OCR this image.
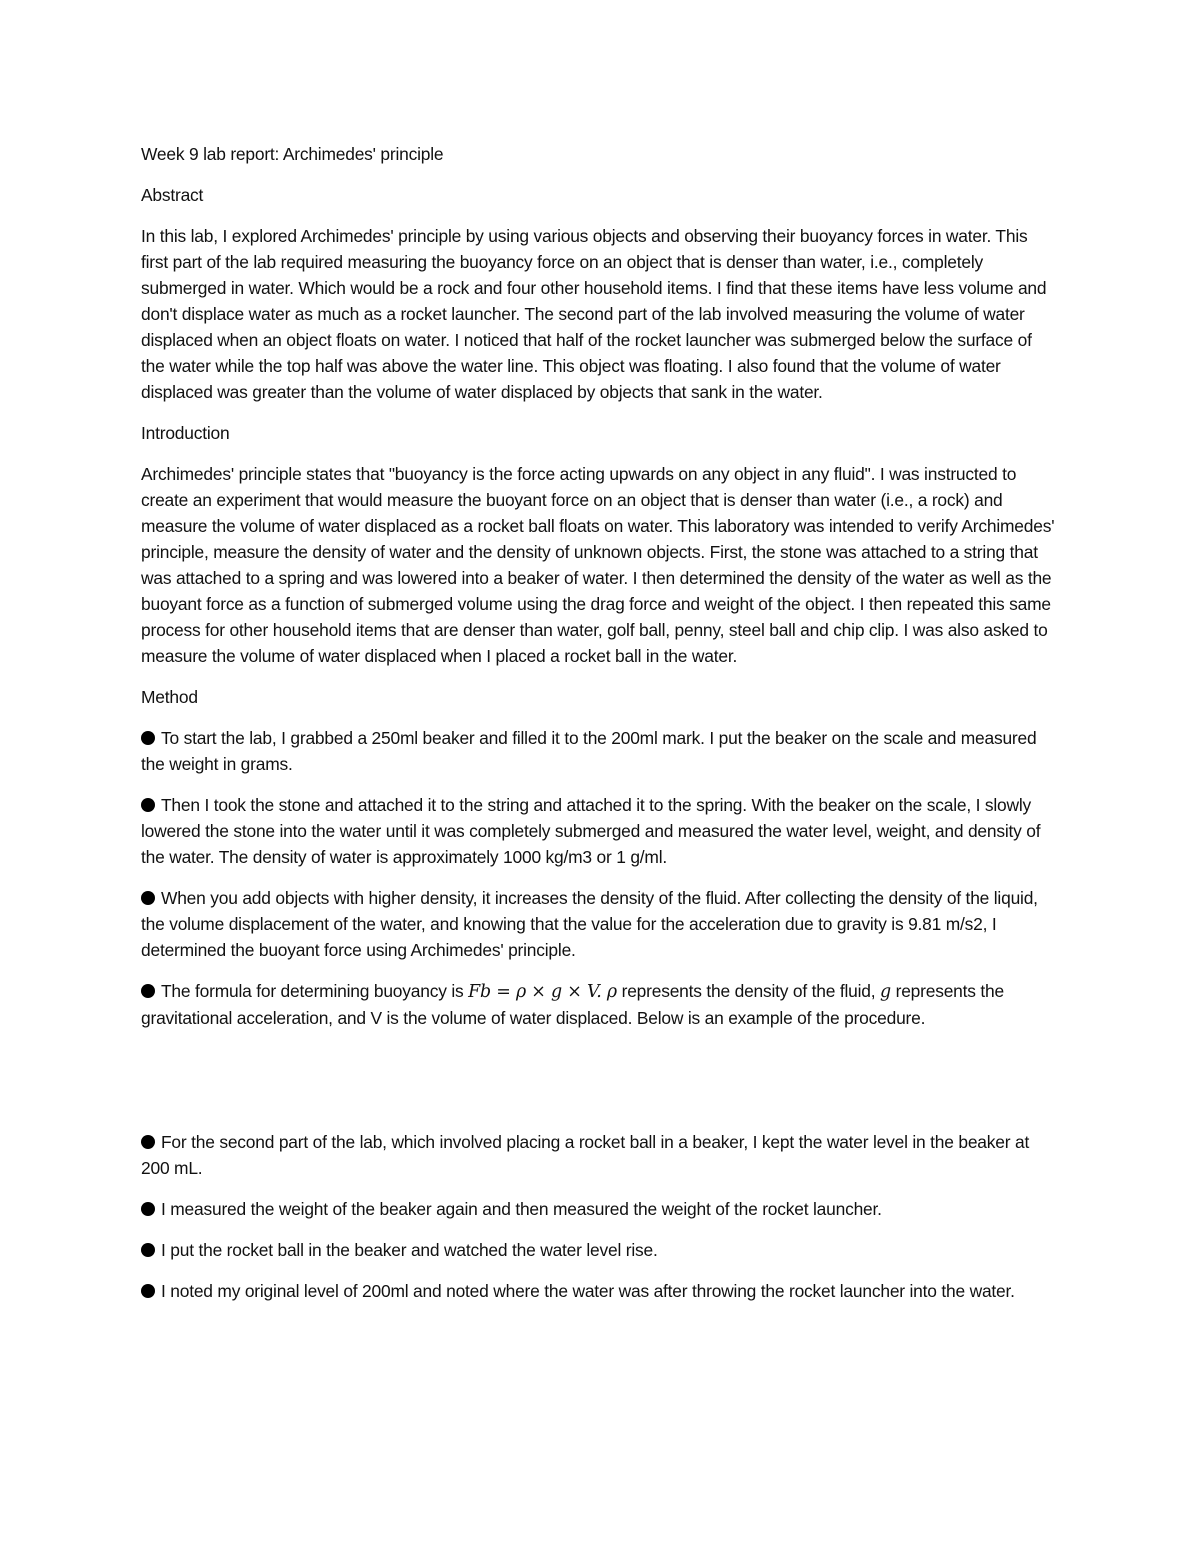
Week 9 lab report: Archimedes' principle

Abstract

In this lab, I explored Archimedes' principle by using various objects and observing their buoyancy forces in water. This first part of the lab required measuring the buoyancy force on an object that is denser than water, i.e., completely submerged in water. Which would be a rock and four other household items. I find that these items have less volume and don't displace water as much as a rocket launcher. The second part of the lab involved measuring the volume of water displaced when an object floats on water. I noticed that half of the rocket launcher was submerged below the surface of the water while the top half was above the water line. This object was floating. I also found that the volume of water displaced was greater than the volume of water displaced by objects that sank in the water.

Introduction

Archimedes' principle states that "buoyancy is the force acting upwards on any object in any fluid". I was instructed to create an experiment that would measure the buoyant force on an object that is denser than water (i.e., a rock) and measure the volume of water displaced as a rocket ball floats on water. This laboratory was intended to verify Archimedes' principle, measure the density of water and the density of unknown objects. First, the stone was attached to a string that was attached to a spring and was lowered into a beaker of water. I then determined the density of the water as well as the buoyant force as a function of submerged volume using the drag force and weight of the object. I then repeated this same process for other household items that are denser than water, golf ball, penny, steel ball and chip clip. I was also asked to measure the volume of water displaced when I placed a rocket ball in the water.

Method

To start the lab, I grabbed a 250ml beaker and filled it to the 200ml mark. I put the beaker on the scale and measured the weight in grams.

Then I took the stone and attached it to the string and attached it to the spring. With the beaker on the scale, I slowly lowered the stone into the water until it was completely submerged and measured the water level, weight, and density of the water. The density of water is approximately 1000 kg/m3 or 1 g/ml.

When you add objects with higher density, it increases the density of the fluid. After collecting the density of the liquid, the volume displacement of the water, and knowing that the value for the acceleration due to gravity is 9.81 m/s2, I determined the buoyant force using Archimedes' principle.

The formula for determining buoyancy is Fb = ρ × g × V. ρ represents the density of the fluid, g represents the gravitational acceleration, and V is the volume of water displaced. Below is an example of the procedure.

For the second part of the lab, which involved placing a rocket ball in a beaker, I kept the water level in the beaker at 200 mL.

I measured the weight of the beaker again and then measured the weight of the rocket launcher.

I put the rocket ball in the beaker and watched the water level rise.

I noted my original level of 200ml and noted where the water was after throwing the rocket launcher into the water.
